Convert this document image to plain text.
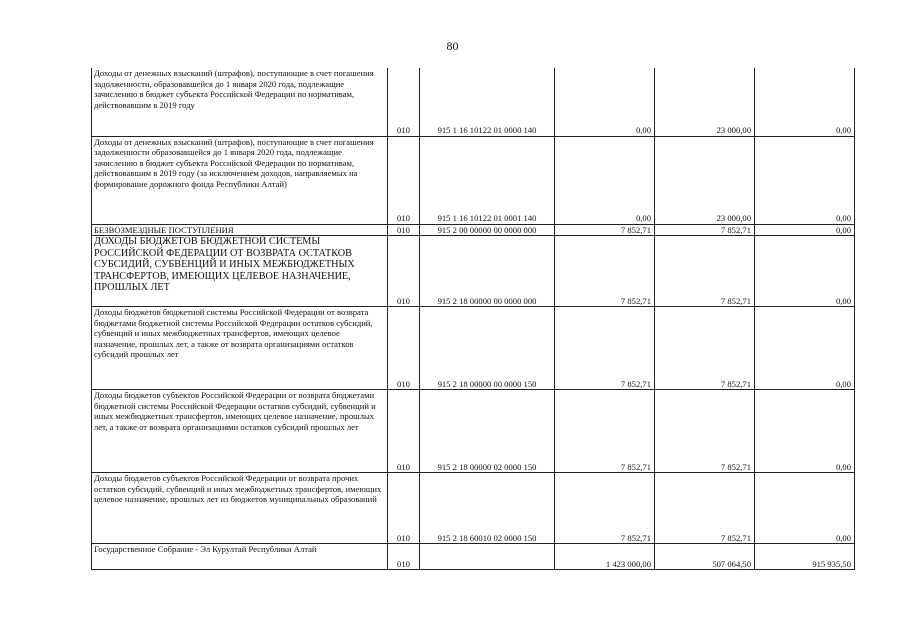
80
Доходы от денежных взысканий (штрафов), поступающие в счет погашения задолженности, образовавшейся до 1 января 2020 года, подлежащие зачислению в бюджет субъекта Российской Федерации по нормативам, действовавшим в 2019 году	010	915 1 16 10122 01 0000 140	0,00	23 000,00	0,00
Доходы от денежных взысканий (штрафов), поступающие в счет погашения задолженности образовавшейся до 1 января 2020 года, подлежащие зачислению в бюджет субъекта Российской Федерации по нормативам, действовавшим в 2019 году (за исключением доходов, направляемых на формирование дорожного фонда Республики Алтай)	010	915 1 16 10122 01 0001 140	0,00	23 000,00	0,00
БЕЗВОЗМЕЗДНЫЕ ПОСТУПЛЕНИЯ	010	915 2 00 00000 00 0000 000	7 852,71	7 852,71	0,00
ДОХОДЫ БЮДЖЕТОВ БЮДЖЕТНОЙ СИСТЕМЫ РОССИЙСКОЙ ФЕДЕРАЦИИ ОТ ВОЗВРАТА ОСТАТКОВ СУБСИДИЙ, СУБВЕНЦИЙ И ИНЫХ МЕЖБЮДЖЕТНЫХ ТРАНСФЕРТОВ, ИМЕЮЩИХ ЦЕЛЕВОЕ НАЗНАЧЕНИЕ, ПРОШЛЫХ ЛЕТ	010	915 2 18 00000 00 0000 000	7 852,71	7 852,71	0,00
Доходы бюджетов бюджетной системы Российской Федерации от возврата бюджетами бюджетной системы Российской Федерации остатков субсидий, субвенций и иных межбюджетных трансфертов, имеющих целевое назначение, прошлых лет, а также от возврата организациями остатков субсидий прошлых лет	010	915 2 18 00000 00 0000 150	7 852,71	7 852,71	0,00
Доходы бюджетов субъектов Российской Федерации от возврата бюджетами бюджетной системы Российской Федерации остатков субсидий, субвенций и иных межбюджетных трансфертов, имеющих целевое назначение, прошлых лет, а также от возврата организациями остатков субсидий прошлых лет	010	915 2 18 00000 02 0000 150	7 852,71	7 852,71	0,00
Доходы бюджетов субъектов Российской Федерации от возврата прочих остатков субсидий, субвенций и иных межбюджетных трансфертов, имеющих целевое назначение, прошлых лет из бюджетов муниципальных образований	010	915 2 18 60010 02 0000 150	7 852,71	7 852,71	0,00
Государственное Собрание - Эл Курултай Республики Алтай	010		1 423 000,00	507 064,50	915 935,50
